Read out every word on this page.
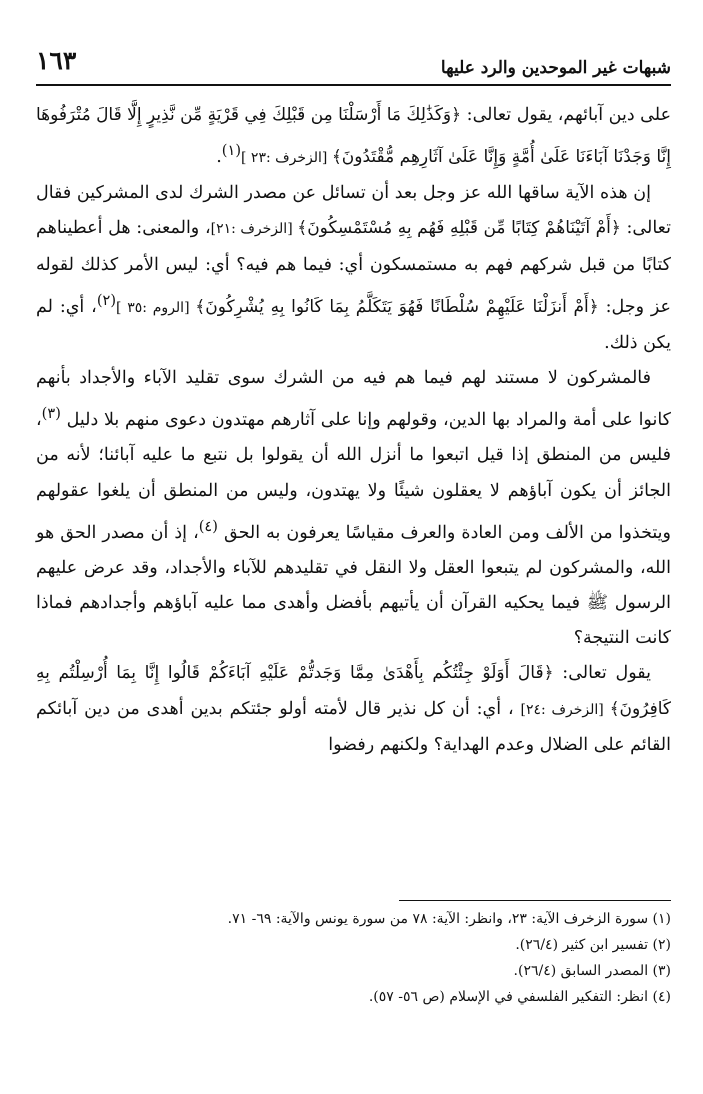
١٦٣	شبهات غير الموحدين والرد عليها

على دين آبائهم، يقول تعالى: ﴿وَكَذَٰلِكَ مَا أَرْسَلْنَا مِن قَبْلِكَ فِي قَرْيَةٍ مِّن نَّذِيرٍ إِلَّا قَالَ مُتْرَفُوهَا إِنَّا وَجَدْنَا آبَاءَنَا عَلَىٰ أُمَّةٍ وَإِنَّا عَلَىٰ آثَارِهِم مُّقْتَدُونَ﴾ [الزخرف :٢٣ ]$^{(١)}$.

إن هذه الآية ساقها الله عز وجل بعد أن تسائل عن مصدر الشرك لدى المشركين فقال تعالى: ﴿أَمْ آتَيْنَاهُمْ كِتَابًا مِّن قَبْلِهِ فَهُم بِهِ مُسْتَمْسِكُونَ﴾ [الزخرف :٢١]، والمعنى: هل أعطيناهم كتابًا من قبل شركهم فهم به مستمسكون أي: فيما هم فيه؟ أي: ليس الأمر كذلك لقوله عز وجل: ﴿أَمْ أَنزَلْنَا عَلَيْهِمْ سُلْطَانًا فَهُوَ يَتَكَلَّمُ بِمَا كَانُوا بِهِ يُشْرِكُونَ﴾ [الروم :٣٥ ]$^{(٢)}$، أي: لم يكن ذلك.

فالمشركون لا مستند لهم فيما هم فيه من الشرك سوى تقليد الآباء والأجداد بأنهم كانوا على أمة والمراد بها الدين، وقولهم وإنا على آثارهم مهتدون دعوى منهم بلا دليل $^{(٣)}$، فليس من المنطق إذا قيل اتبعوا ما أنزل الله أن يقولوا بل نتبع ما عليه آبائنا؛ لأنه من الجائز أن يكون آباؤهم لا يعقلون شيئًا ولا يهتدون، وليس من المنطق أن يلغوا عقولهم ويتخذوا من الألف ومن العادة والعرف مقياسًا يعرفون به الحق $^{(٤)}$، إذ أن مصدر الحق هو الله، والمشركون لم يتبعوا العقل ولا النقل في تقليدهم للآباء والأجداد، وقد عرض عليهم الرسول ﷺ فيما يحكيه القرآن أن يأتيهم بأفضل وأهدى مما عليه آباؤهم وأجدادهم فماذا كانت النتيجة؟

يقول تعالى: ﴿قَالَ أَوَلَوْ جِئْتُكُم بِأَهْدَىٰ مِمَّا وَجَدتُّمْ عَلَيْهِ آبَاءَكُمْ قَالُوا إِنَّا بِمَا أُرْسِلْتُم بِهِ كَافِرُونَ﴾ [الزخرف :٢٤] ، أي: أن كل نذير قال لأمته أولو جئتكم بدين أهدى من دين آبائكم القائم على الضلال وعدم الهداية؟ ولكنهم رفضوا

(١) سورة الزخرف الآية: ٢٣، وانظر: الآية: ٧٨ من سورة يونس والآية: ٦٩- ٧١.

(٢) تفسير ابن كثير (٢٦/٤).

(٣) المصدر السابق (٢٦/٤).

(٤) انظر: التفكير الفلسفي في الإسلام (ص ٥٦- ٥٧).
